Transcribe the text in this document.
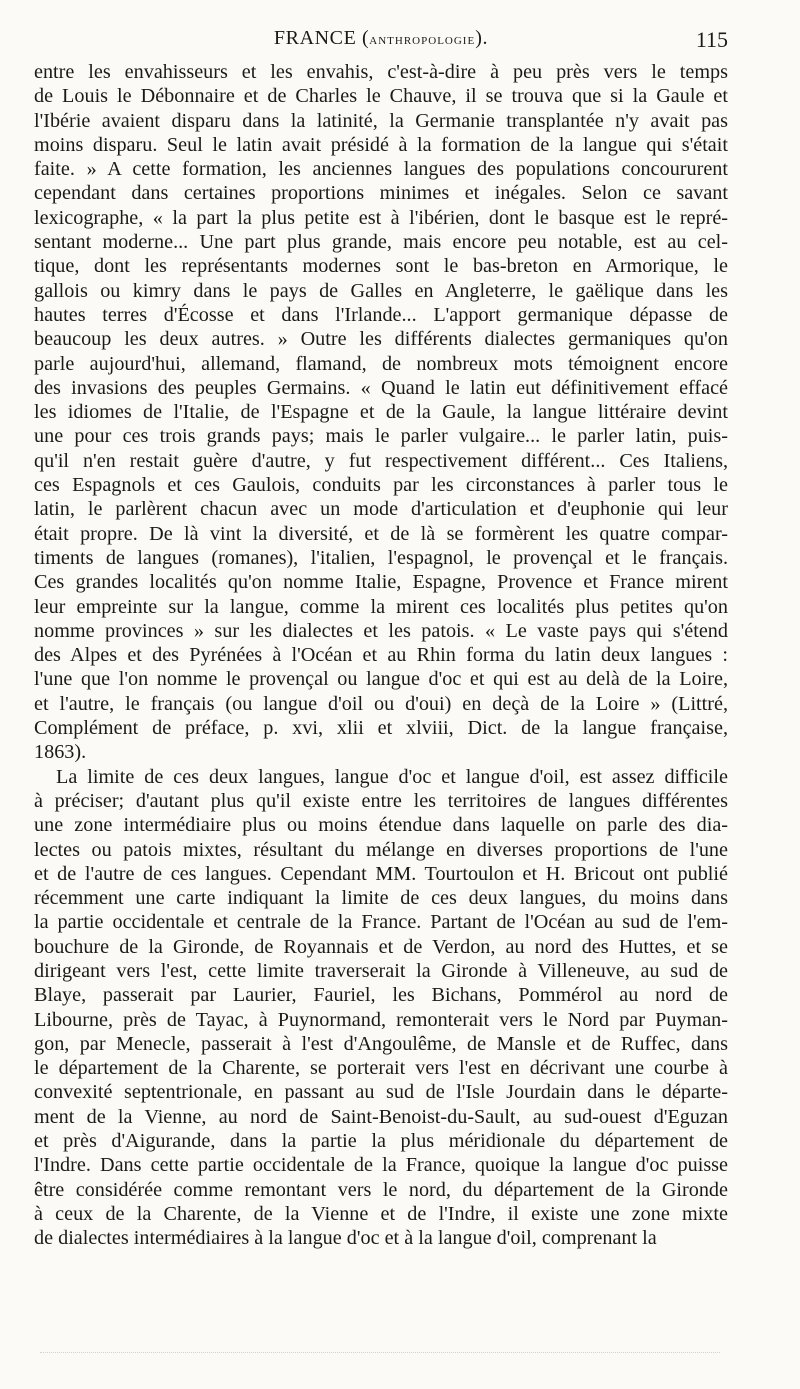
FRANCE (anthropologie).	115
entre les envahisseurs et les envahis, c'est-à-dire à peu près vers le temps
de Louis le Débonnaire et de Charles le Chauve, il se trouva que si la Gaule et
l'Ibérie avaient disparu dans la latinité, la Germanie transplantée n'y avait pas
moins disparu. Seul le latin avait présidé à la formation de la langue qui s'était
faite. » A cette formation, les anciennes langues des populations concoururent
cependant dans certaines proportions minimes et inégales. Selon ce savant
lexicographe, « la part la plus petite est à l'ibérien, dont le basque est le repré-
sentant moderne... Une part plus grande, mais encore peu notable, est au cel-
tique, dont les représentants modernes sont le bas-breton en Armorique, le
gallois ou kimry dans le pays de Galles en Angleterre, le gaëlique dans les
hautes terres d'Écosse et dans l'Irlande... L'apport germanique dépasse de
beaucoup les deux autres. » Outre les différents dialectes germaniques qu'on
parle aujourd'hui, allemand, flamand, de nombreux mots témoignent encore
des invasions des peuples Germains. « Quand le latin eut définitivement effacé
les idiomes de l'Italie, de l'Espagne et de la Gaule, la langue littéraire devint
une pour ces trois grands pays; mais le parler vulgaire... le parler latin, puis-
qu'il n'en restait guère d'autre, y fut respectivement différent... Ces Italiens,
ces Espagnols et ces Gaulois, conduits par les circonstances à parler tous le
latin, le parlèrent chacun avec un mode d'articulation et d'euphonie qui leur
était propre. De là vint la diversité, et de là se formèrent les quatre compar-
timents de langues (romanes), l'italien, l'espagnol, le provençal et le français.
Ces grandes localités qu'on nomme Italie, Espagne, Provence et France mirent
leur empreinte sur la langue, comme la mirent ces localités plus petites qu'on
nomme provinces » sur les dialectes et les patois. « Le vaste pays qui s'étend
des Alpes et des Pyrénées à l'Océan et au Rhin forma du latin deux langues :
l'une que l'on nomme le provençal ou langue d'oc et qui est au delà de la Loire,
et l'autre, le français (ou langue d'oil ou d'oui) en deçà de la Loire » (Littré,
Complément de préface, p. xvi, xlii et xlviii, Dict. de la langue française,
1863).
La limite de ces deux langues, langue d'oc et langue d'oil, est assez difficile
à préciser; d'autant plus qu'il existe entre les territoires de langues différentes
une zone intermédiaire plus ou moins étendue dans laquelle on parle des dia-
lectes ou patois mixtes, résultant du mélange en diverses proportions de l'une
et de l'autre de ces langues. Cependant MM. Tourtoulon et H. Bricout ont publié
récemment une carte indiquant la limite de ces deux langues, du moins dans
la partie occidentale et centrale de la France. Partant de l'Océan au sud de l'em-
bouchure de la Gironde, de Royannais et de Verdon, au nord des Huttes, et se
dirigeant vers l'est, cette limite traverserait la Gironde à Villeneuve, au sud de
Blaye, passerait par Laurier, Fauriel, les Bichans, Pommérol au nord de
Libourne, près de Tayac, à Puynormand, remonterait vers le Nord par Puyman-
gon, par Menecle, passerait à l'est d'Angoulême, de Mansle et de Ruffec, dans
le département de la Charente, se porterait vers l'est en décrivant une courbe à
convexité septentrionale, en passant au sud de l'Isle Jourdain dans le départe-
ment de la Vienne, au nord de Saint-Benoist-du-Sault, au sud-ouest d'Eguzan
et près d'Aigurande, dans la partie la plus méridionale du département de
l'Indre. Dans cette partie occidentale de la France, quoique la langue d'oc puisse
être considérée comme remontant vers le nord, du département de la Gironde
à ceux de la Charente, de la Vienne et de l'Indre, il existe une zone mixte
de dialectes intermédiaires à la langue d'oc et à la langue d'oil, comprenant la
